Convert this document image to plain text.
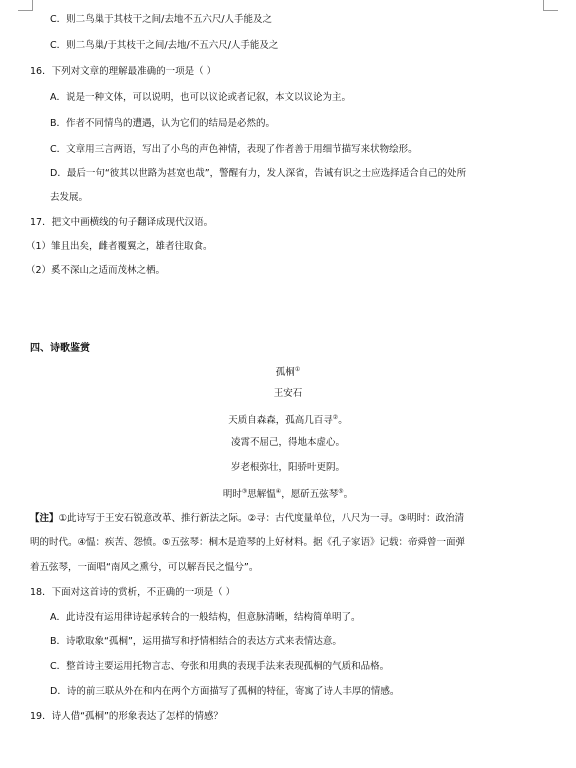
C．则二鸟巢于其枝干之间/去地不五六尺/人手能及之
C．则二鸟巢/于其枝干之间/去地/不五六尺/人手能及之
16．下列对文章的理解最准确的一项是（ ）
A．说是一种文体，可以说明，也可以议论或者记叙，本文以议论为主。
B．作者不同情鸟的遭遇，认为它们的结局是必然的。
C．文章用三言两语，写出了小鸟的声色神情，表现了作者善于用细节描写来状物绘形。
D．最后一句“彼其以世路为甚宽也哉”，警醒有力，发人深省，告诫有识之士应选择适合自己的处所
去发展。
17．把文中画横线的句子翻译成现代汉语。
（1）雏且出矣，雌者覆翼之，雄者往取食。
（2）奚不深山之适而茂林之栖。
四、诗歌鉴赏
孤桐①
王安石
天质自森森，孤高几百寻②。
凌霄不屈己，得地本虚心。
岁老根弥壮，阳骄叶更阴。
明时③思解愠④，愿斫五弦琴⑤。
【注】①此诗写于王安石锐意改革、推行新法之际。②寻：古代度量单位，八尺为一寻。③明时：政治清
明的时代。④愠：疾苦、怨愤。⑤五弦琴：桐木是造琴的上好材料。据《孔子家语》记载：帝舜曾一面弹
着五弦琴，一面唱“南风之熏兮，可以解吾民之愠兮”。
18．下面对这首诗的赏析，不正确的一项是（ ）
A．此诗没有运用律诗起承转合的一般结构，但意脉清晰，结构简单明了。
B．诗歌取象“孤桐”，运用描写和抒情相结合的表达方式来表情达意。
C．整首诗主要运用托物言志、夸张和用典的表现手法来表现孤桐的气质和品格。
D．诗的前三联从外在和内在两个方面描写了孤桐的特征，寄寓了诗人丰厚的情感。
19．诗人借“孤桐”的形象表达了怎样的情感？
